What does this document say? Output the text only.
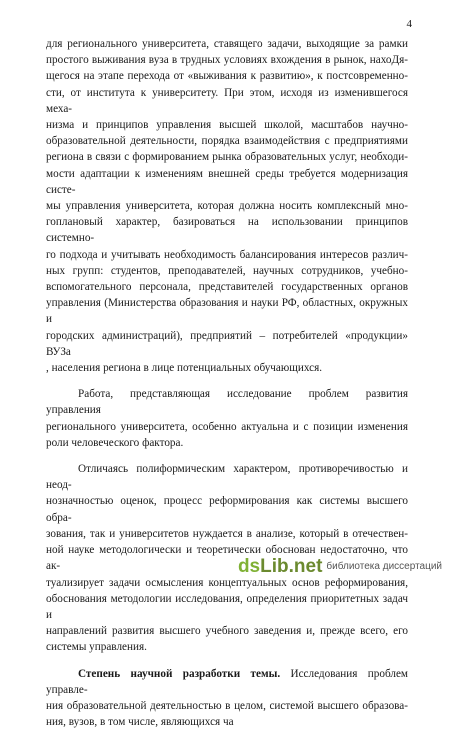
4

для регионального университета, ставящего задачи, выходящие за рамки

простого выживания вуза в трудных условиях вхождения в рынок, нахоДя-

щегося на этапе перехода от «выживания к развитию», к постсовременно-

сти, от института к университету. При этом, исходя из изменившегося меха-

низма и принципов управления высшей школой, масштабов научно-

образовательной деятельности, порядка взаимодействия с предприятиями

региона в связи с формированием рынка образовательных услуг, необходи-

мости адаптации к изменениям внешней среды требуется модернизация систе-

мы управления университета, которая должна носить комплексный мно-

гоплановый характер, базироваться на использовании принципов системно-

го подхода и учитывать необходимость балансирования интересов различ-

ных групп: студентов, преподавателей, научных сотрудников, учебно-

вспомогательного персонала, представителей государственных органов

управления (Министерства образования и науки РФ, областных, окружных и

городских администраций), предприятий – потребителей «продукции» ВУЗа

, населения региона в лице потенциальных обучающихся.

Работа, представляющая исследование проблем развития управления

регионального университета, особенно актуальна и с позиции изменения

роли человеческого фактора.

Отличаясь полиформическим характером, противоречивостью и неод-

нозначностью оценок, процесс реформирования как системы высшего обра-

зования, так и университетов нуждается в анализе, который в отечествен-

ной науке методологически и теоретически обоснован недостаточно, что ак-

туализирует задачи осмысления концептуальных основ реформирования,

обоснования методологии исследования, определения приоритетных задач и

направлений развития высшего учебного заведения и, прежде всего, его

системы управления.

Степень научной разработки темы. Исследования проблем управле-

ния образовательной деятельностью в целом, системой высшего образова-

ния, вузов, в том числе, являющихся ча

dsLib.net библиотека диссертаций
